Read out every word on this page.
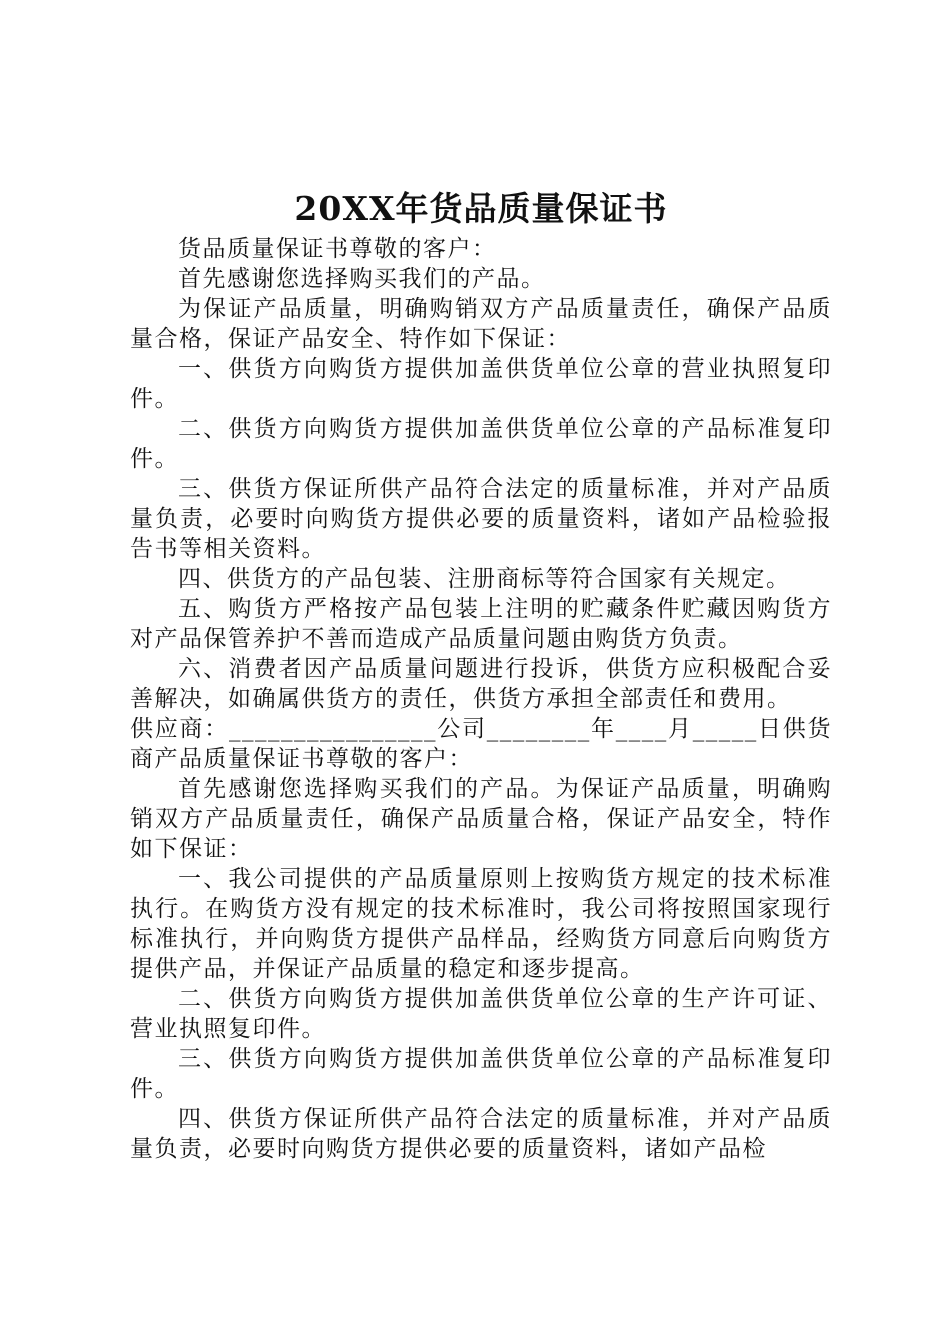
20XX年货品质量保证书

货品质量保证书尊敬的客户：

首先感谢您选择购买我们的产品。

为保证产品质量，明确购销双方产品质量责任，确保产品质量合格，保证产品安全、特作如下保证：

一、供货方向购货方提供加盖供货单位公章的营业执照复印件。

二、供货方向购货方提供加盖供货单位公章的产品标准复印件。

三、供货方保证所供产品符合法定的质量标准，并对产品质量负责，必要时向购货方提供必要的质量资料，诸如产品检验报告书等相关资料。

四、供货方的产品包装、注册商标等符合国家有关规定。

五、购货方严格按产品包装上注明的贮藏条件贮藏因购货方对产品保管养护不善而造成产品质量问题由购货方负责。

六、消费者因产品质量问题进行投诉，供货方应积极配合妥善解决，如确属供货方的责任，供货方承担全部责任和费用。

供应商：________________公司________年____月_____日供货商产品质量保证书尊敬的客户：

首先感谢您选择购买我们的产品。为保证产品质量，明确购销双方产品质量责任，确保产品质量合格，保证产品安全，特作如下保证：

一、我公司提供的产品质量原则上按购货方规定的技术标准执行。在购货方没有规定的技术标准时，我公司将按照国家现行标准执行，并向购货方提供产品样品，经购货方同意后向购货方提供产品，并保证产品质量的稳定和逐步提高。

二、供货方向购货方提供加盖供货单位公章的生产许可证、营业执照复印件。

三、供货方向购货方提供加盖供货单位公章的产品标准复印件。

四、供货方保证所供产品符合法定的质量标准，并对产品质量负责，必要时向购货方提供必要的质量资料，诸如产品检
